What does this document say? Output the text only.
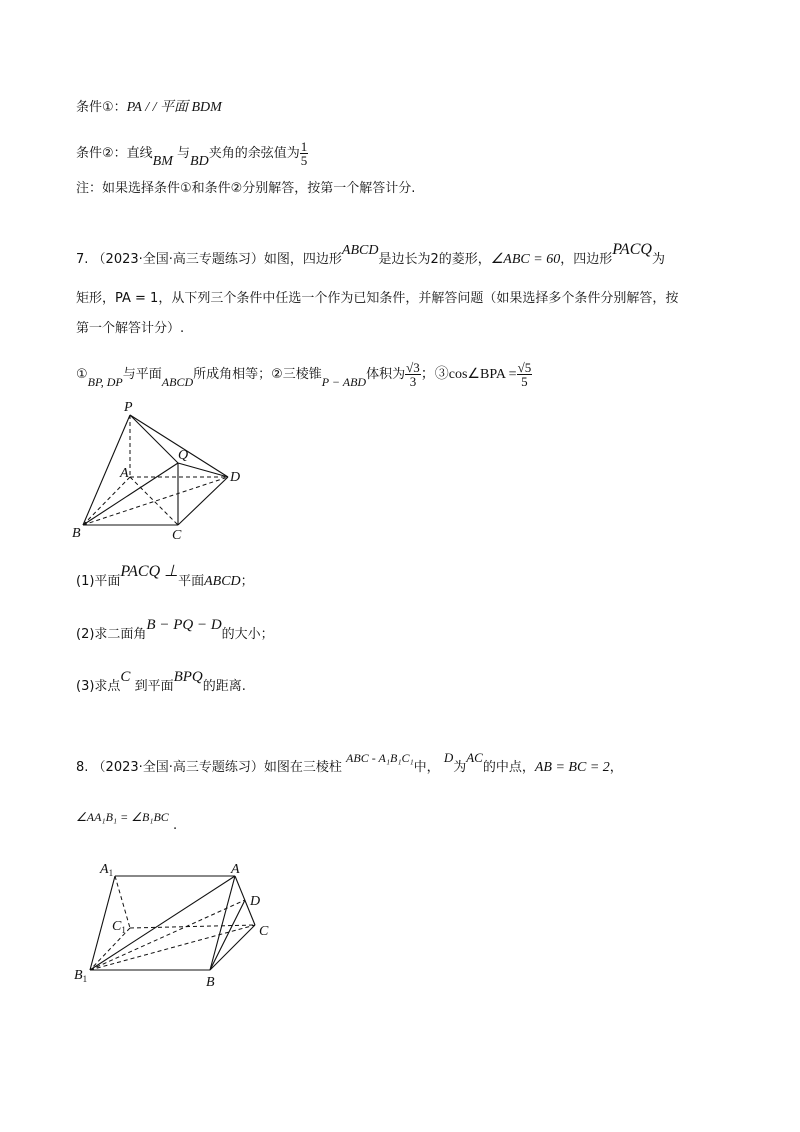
条件①：PA / / 平面 BDM
条件②：直线BM 与BD夹角的余弦值为 $\frac{1}{5}$
注：如果选择条件①和条件②分别解答，按第一个解答计分.
7. （2023·全国·高三专题练习）如图，四边形ABCD是边长为2的菱形，∠ABC = 60，四边形PACQ为
矩形，PA = 1，从下列三个条件中任选一个作为已知条件，并解答问题（如果选择多个条件分别解答，按
第一个解答计分）.
①BP, DP与平面ABCD所成角相等；②三棱锥P − ABD体积为 $\frac{√3}{3}$ ；③cos∠BPA = $\frac{√5}{5}$
P
Q
A	D
B	C
(1)平面PACQ ⊥平面ABCD；
(2)求二面角B − PQ − D的大小；
(3)求点C 到平面BPQ的距离.
8. （2023·全国·高三专题练习）如图在三棱柱 ABC - A₁B₁C₁中， D为AC的中点，AB = BC = 2，
∠AA₁B₁ = ∠B₁BC .
$A_1$	A
D
$C_1$	C
$B_1$	B
